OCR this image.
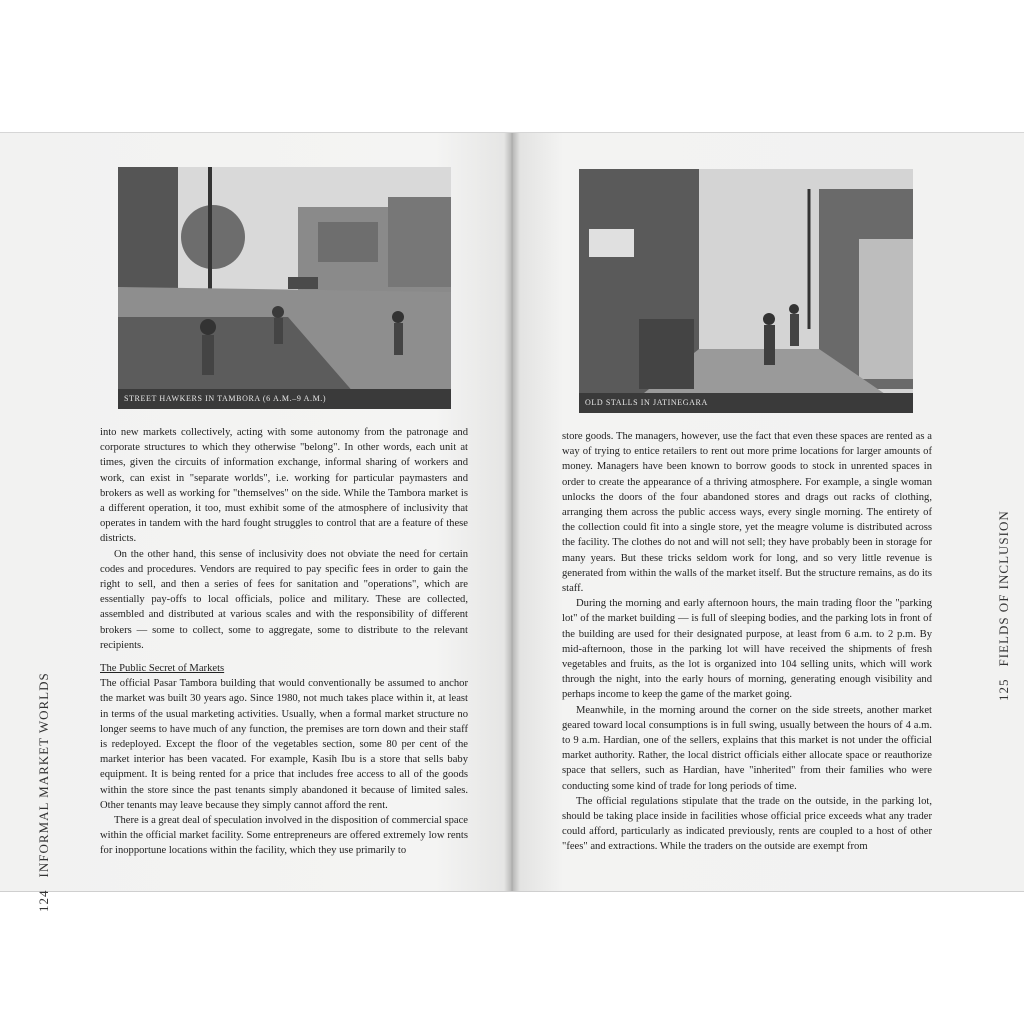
STREET HAWKERS IN TAMBORA (6 A.M.–9 A.M.)

into new markets collectively, acting with some autonomy from the patronage and corporate structures to which they otherwise "belong". In other words, each unit at times, given the circuits of information exchange, informal sharing of workers and work, can exist in "separate worlds", i.e. working for particular paymasters and brokers as well as working for "themselves" on the side. While the Tambora market is a different operation, it too, must exhibit some of the atmosphere of inclusivity that operates in tandem with the hard fought struggles to control that are a feature of these districts.

On the other hand, this sense of inclusivity does not obviate the need for certain codes and procedures. Vendors are required to pay specific fees in order to gain the right to sell, and then a series of fees for sanitation and "operations", which are essentially pay-offs to local officials, police and military. These are collected, assembled and distributed at various scales and with the responsibility of different brokers — some to collect, some to aggregate, some to distribute to the relevant recipients.

The Public Secret of Markets

The official Pasar Tambora building that would conventionally be assumed to anchor the market was built 30 years ago. Since 1980, not much takes place within it, at least in terms of the usual marketing activities. Usually, when a formal market structure no longer seems to have much of any function, the premises are torn down and their staff is redeployed. Except the floor of the vegetables section, some 80 per cent of the market interior has been vacated. For example, Kasih Ibu is a store that sells baby equipment. It is being rented for a price that includes free access to all of the goods within the store since the past tenants simply abandoned it because of limited sales. Other tenants may leave because they simply cannot afford the rent.

There is a great deal of speculation involved in the disposition of commercial space within the official market facility. Some entrepreneurs are offered extremely low rents for inopportune locations within the facility, which they use primarily to

OLD STALLS IN JATINEGARA

store goods. The managers, however, use the fact that even these spaces are rented as a way of trying to entice retailers to rent out more prime locations for larger amounts of money. Managers have been known to borrow goods to stock in unrented spaces in order to create the appearance of a thriving atmosphere. For example, a single woman unlocks the doors of the four abandoned stores and drags out racks of clothing, arranging them across the public access ways, every single morning. The entirety of the collection could fit into a single store, yet the meagre volume is distributed across the facility. The clothes do not and will not sell; they have probably been in storage for many years. But these tricks seldom work for long, and so very little revenue is generated from within the walls of the market itself. But the structure remains, as do its staff.

During the morning and early afternoon hours, the main trading floor the "parking lot" of the market building — is full of sleeping bodies, and the parking lots in front of the building are used for their designated purpose, at least from 6 a.m. to 2 p.m. By mid-afternoon, those in the parking lot will have received the shipments of fresh vegetables and fruits, as the lot is organized into 104 selling units, which will work through the night, into the early hours of morning, generating enough visibility and perhaps income to keep the game of the market going.

Meanwhile, in the morning around the corner on the side streets, another market geared toward local consumptions is in full swing, usually between the hours of 4 a.m. to 9 a.m. Hardian, one of the sellers, explains that this market is not under the official market authority. Rather, the local district officials either allocate space or reauthorize space that sellers, such as Hardian, have "inherited" from their families who were conducting some kind of trade for long periods of time.

The official regulations stipulate that the trade on the outside, in the parking lot, should be taking place inside in facilities whose official price exceeds what any trader could afford, particularly as indicated previously, rents are coupled to a host of other "fees" and extractions. While the traders on the outside are exempt from

124INFORMAL MARKET WORLDS	125FIELDS OF INCLUSION
